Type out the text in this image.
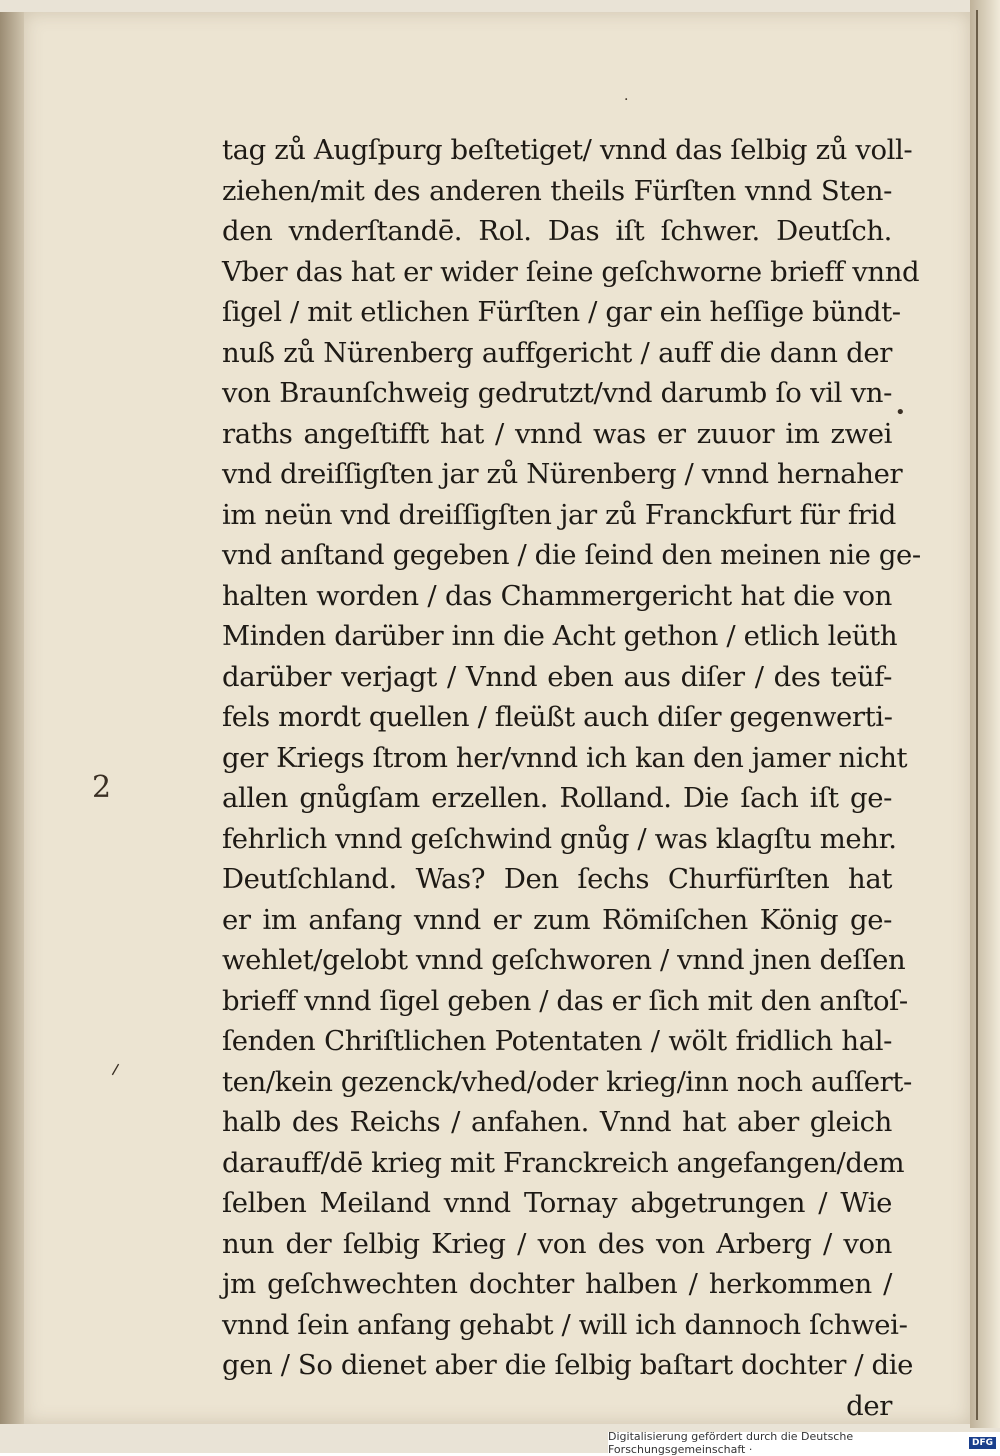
·
tag zů Augſpurg beſtetiget/ vnnd das ſelbig zů voll-
ziehen/mit des anderen theils Fürſten vnnd Sten-
den vnderſtandē. Rol. Das iſt ſchwer. Deutſch.
Vber das hat er wider ſeine geſchworne brieff vnnd
ſigel / mit etlichen Fürſten / gar ein heſſige bündt-
nuß zů Nürenberg auffgericht / auff die dann der
von Braunſchweig gedrutzt/vnd darumb ſo vil vn-
raths angeſtifft hat / vnnd was er zuuor im zwei
vnd dreiſſigſten jar zů Nürenberg / vnnd hernaher
im neün vnd dreiſſigſten jar zů Franckfurt für frid
vnd anſtand gegeben / die ſeind den meinen nie ge-
halten worden / das Chammergericht hat die von
Minden darüber inn die Acht gethon / etlich leüth
darüber verjagt / Vnnd eben aus diſer / des teüf-
fels mordt quellen / fleüßt auch diſer gegenwerti-
ger Kriegs ſtrom her/vnnd ich kan den jamer nicht
allen gnůgſam erzellen. Rolland. Die ſach iſt ge-
fehrlich vnnd geſchwind gnůg / was klagſtu mehr.
Deutſchland. Was? Den ſechs Churfürſten hat
er im anfang vnnd er zum Römiſchen König ge-
wehlet/gelobt vnnd geſchworen / vnnd jnen deſſen
brieff vnnd ſigel geben / das er ſich mit den anſtoſ-
ſenden Chriſtlichen Potentaten / wölt fridlich hal-
ten/kein gezenck/vhed/oder krieg/inn noch auſſert-
halb des Reichs / anfahen. Vnnd hat aber gleich
darauff/dē krieg mit Franckreich angefangen/dem
ſelben Meiland vnnd Tornay abgetrungen / Wie
nun der ſelbig Krieg / von des von Arberg / von
jm geſchwechten dochter halben / herkommen /
vnnd ſein anfang gehabt / will ich dannoch ſchwei-
gen / So dienet aber die ſelbig baſtart dochter / die
der
•
2
⸍
Digitalisierung gefördert durch die Deutsche Forschungsgemeinschaft ·	DFG
